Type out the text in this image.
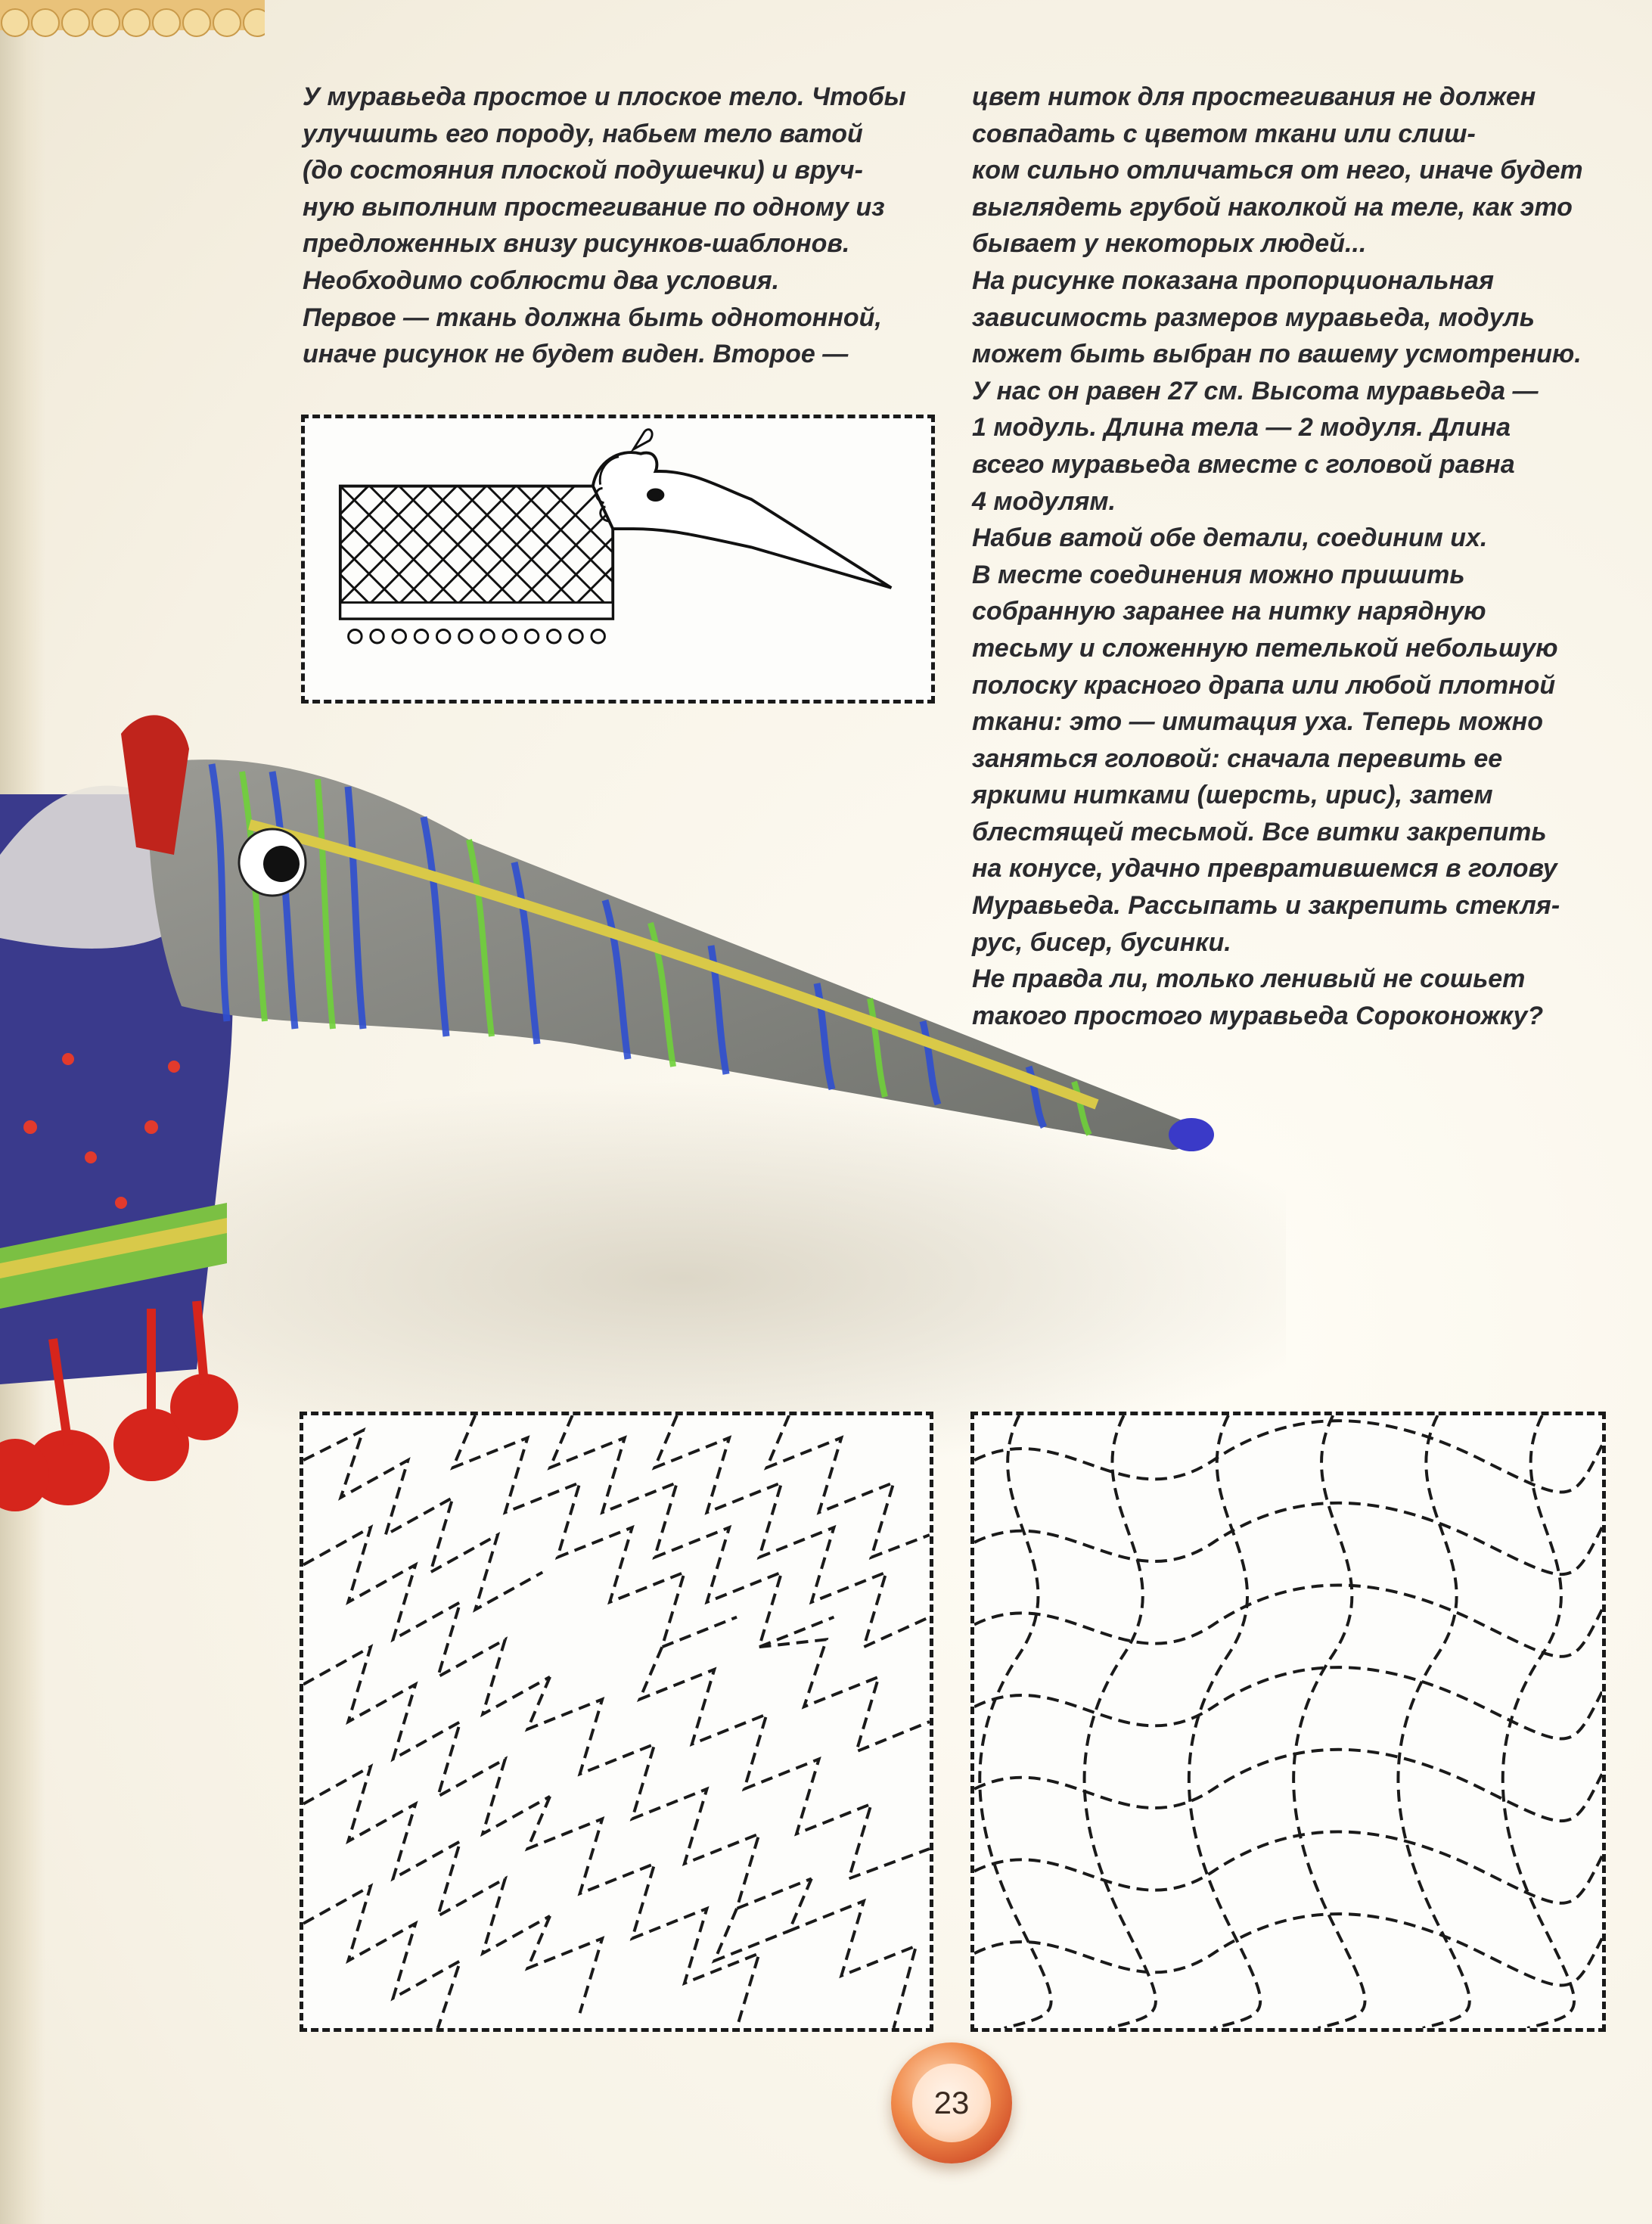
У муравьеда простое и плоское тело. Чтобы

улучшить его породу, набьем тело ватой

(до состояния плоской подушечки) и вруч-

ную выполним простегивание по одному из

предложенных внизу рисунков-шаблонов.

Необходимо соблюсти два условия.

Первое — ткань должна быть однотонной,

иначе рисунок не будет виден. Второе —

цвет ниток для простегивания не должен

совпадать с цветом ткани или слиш-

ком сильно отличаться от него, иначе будет

выглядеть грубой наколкой на теле, как это

бывает у некоторых людей...

На рисунке показана пропорциональная

зависимость размеров муравьеда, модуль

может быть выбран по вашему усмотрению.

У нас он равен 27 см. Высота муравьеда —

1 модуль. Длина тела — 2 модуля. Длина

всего муравьеда вместе с головой равна

4 модулям.

Набив ватой обе детали, соединим их.

В месте соединения можно пришить

собранную заранее на нитку нарядную

тесьму и сложенную петелькой небольшую

полоску красного драпа или любой плотной

ткани: это — имитация уха. Теперь можно

заняться головой: сначала перевить ее

яркими нитками (шерсть, ирис), затем

блестящей тесьмой. Все витки закрепить

на конусе, удачно превратившемся в голову

Муравьеда. Рассыпать и закрепить стекля-

рус, бисер, бусинки.

Не правда ли, только ленивый не сошьет

такого простого муравьеда Сороконожку?

23
